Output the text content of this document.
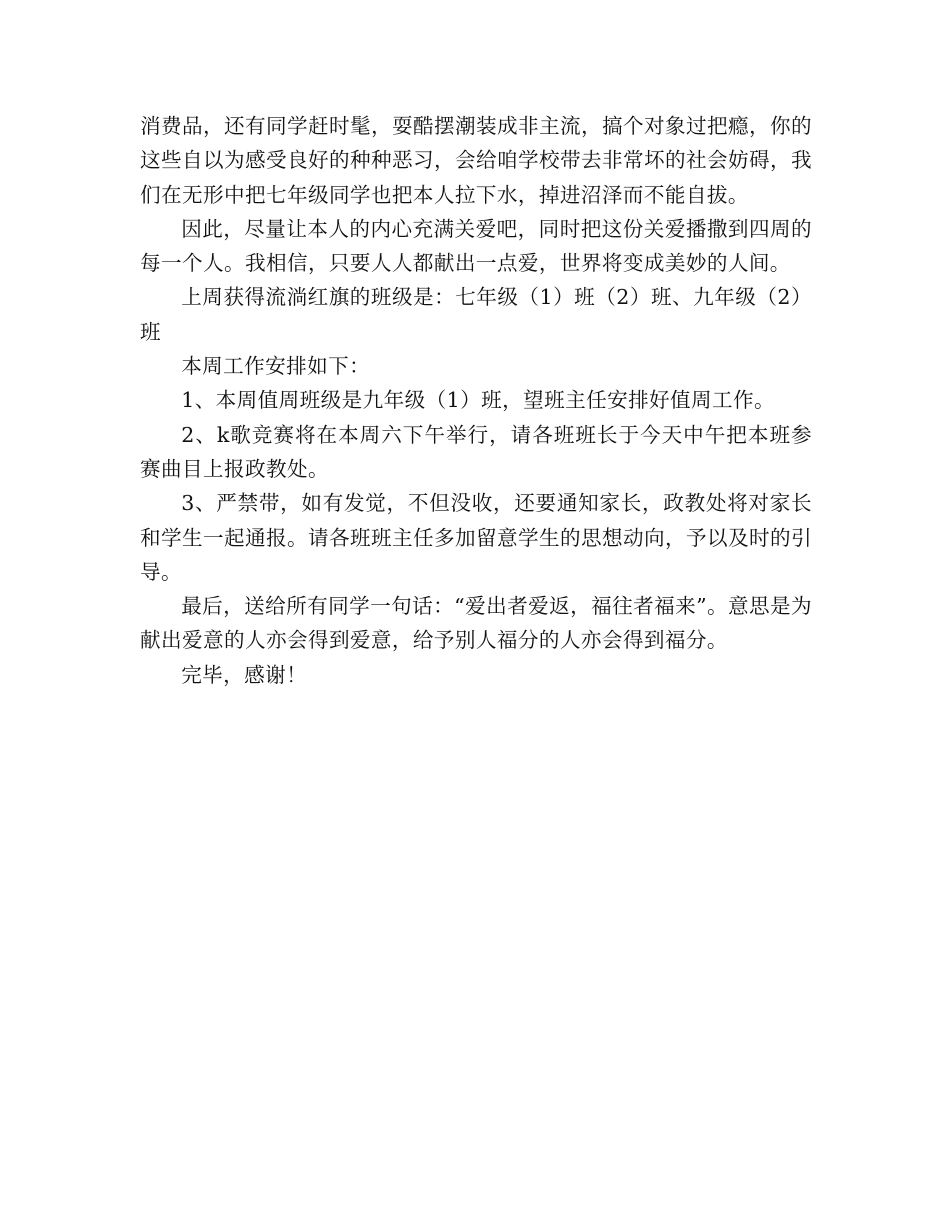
消费品，还有同学赶时髦，耍酷摆潮装成非主流，搞个对象过把瘾，你的这些自以为感受良好的种种恶习，会给咱学校带去非常坏的社会妨碍，我们在无形中把七年级同学也把本人拉下水，掉进沼泽而不能自拔。

因此，尽量让本人的内心充满关爱吧，同时把这份关爱播撒到四周的每一个人。我相信，只要人人都献出一点爱，世界将变成美妙的人间。

上周获得流淌红旗的班级是：七年级（1）班（2）班、九年级（2）班

本周工作安排如下：

1、本周值周班级是九年级（1）班，望班主任安排好值周工作。

2、k歌竞赛将在本周六下午举行，请各班班长于今天中午把本班参赛曲目上报政教处。

3、严禁带，如有发觉，不但没收，还要通知家长，政教处将对家长和学生一起通报。请各班班主任多加留意学生的思想动向，予以及时的引导。

最后，送给所有同学一句话：“爱出者爱返，福往者福来”。意思是为献出爱意的人亦会得到爱意，给予别人福分的人亦会得到福分。

完毕，感谢！
